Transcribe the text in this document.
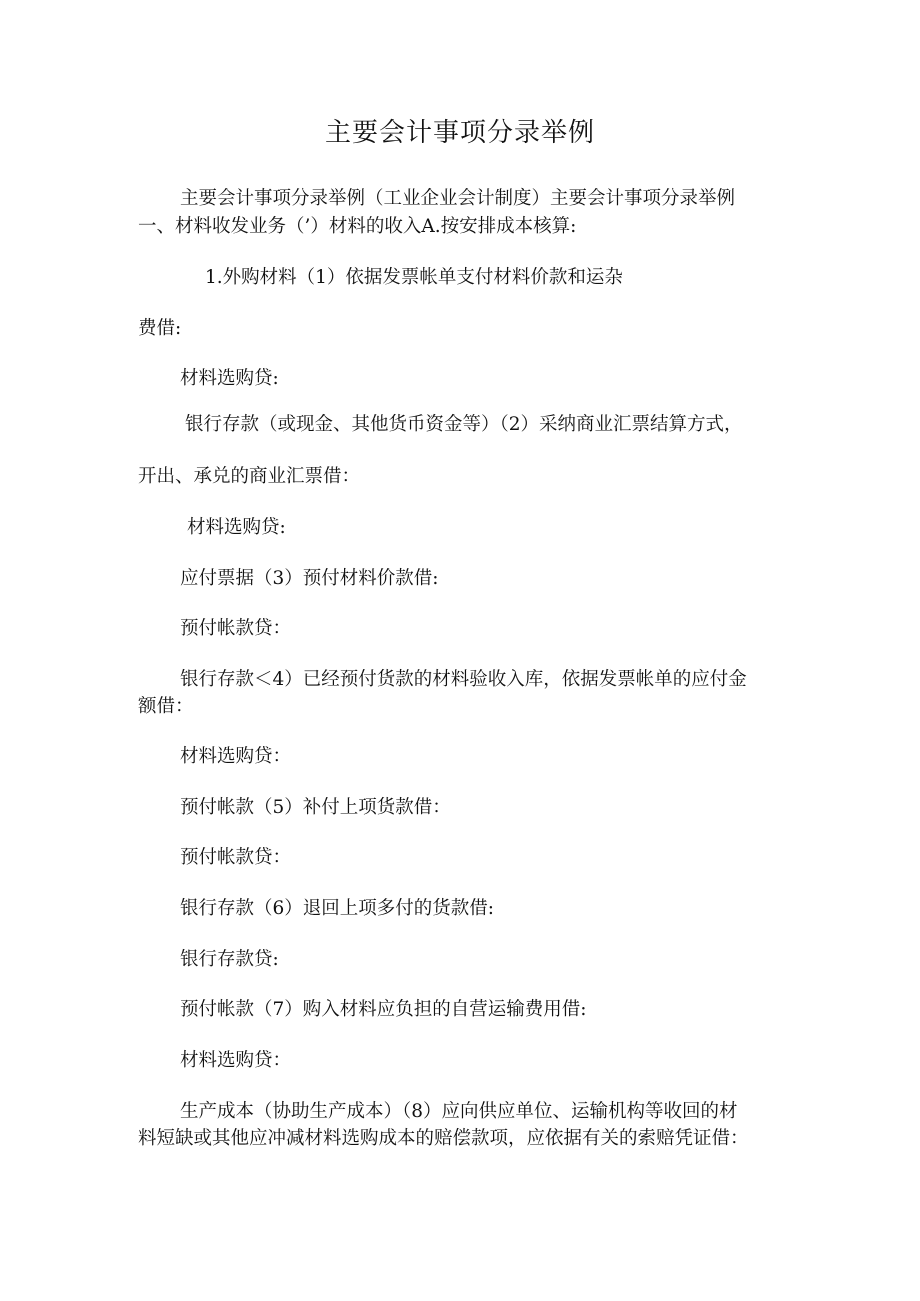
主要会计事项分录举例
主要会计事项分录举例（工业企业会计制度）主要会计事项分录举例
一、材料收发业务（’）材料的收入A.按安排成本核算:
1.外购材料（1）依据发票帐单支付材料价款和运杂
费借:
材料选购贷:
银行存款（或现金、其他货币资金等）（2）采纳商业汇票结算方式，
开出、承兑的商业汇票借：
材料选购贷:
应付票据（3）预付材料价款借:
预付帐款贷：
银行存款＜4）已经预付货款的材料验收入库，依据发票帐单的应付金
额借：
材料选购贷：
预付帐款（5）补付上项货款借：
预付帐款贷：
银行存款（6）退回上项多付的货款借:
银行存款贷:
预付帐款（7）购入材料应负担的自营运输费用借:
材料选购贷：
生产成本（协助生产成本）（8）应向供应单位、运输机构等收回的材
料短缺或其他应冲减材料选购成本的赔偿款项，应依据有关的索赔凭证借：
